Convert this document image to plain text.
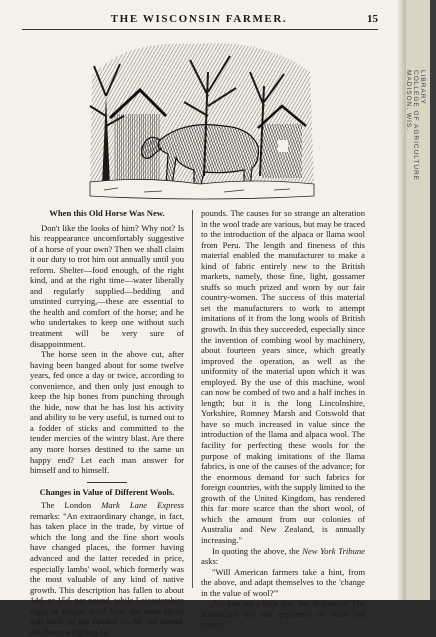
THE WISCONSIN FARMER.	15
When this Old Horse Was New.

Don't like the looks of him? Why not? Is his reappearance uncomfortably suggestive of a horse of your own? Then we shall claim it our duty to trot him out annually until you reform. Shelter—food enough, of the right kind, and at the right time—water liberally and regularly supplied—bedding and unstinted currying,—these are essential to the health and comfort of the horse; and he who undertakes to keep one without such treatment will be very sure of disappointment.

The horse seen in the above cut, after having been banged about for some twelve years, fed once a day or twice, according to convenience, and then only just enough to keep the hip bones from punching through the hide, now that he has lost his activity and ability to be very useful, is turned out to a fodder of sticks and committed to the tender mercies of the wintry blast. Are there any more horses destined to the same un happy end? Let each man answer for himself and to himself.

Changes in Value of Different Wools.

The London Mark Lane Express remarks: "An extraordinary change, in fact, has taken place in the trade, by virtue of which the long and the fine short wools have changed places, the former having advanced and the latter receded in price, especially lambs' wool, which formerly was the most valuable of any kind of native growth. This description has fallen to about 14d. or 15d. per pound, while Leicestershire teggs or hogget wool from the same sheep will fetch, or has fetched 2s. 6d. per pound, the fleece weighing 14

pounds. The causes for so strange an alteration in the wool trade are various, but may be traced to the introduction of the alpaca or llama wool from Peru. The length and fineness of this material enabled the manufacturer to make a kind of fabric entirely new to the British markets, namely, those fine, light, gossamer stuffs so much prized and worn by our fair country-women. The success of this material set the manufacturers to work to attempt imitations of it from the long wools of British growth. In this they succeeded, especially since the invention of combing wool by machinery, about fourteen years since, which greatly improved the operation, as well as the uniformity of the material upon which it was employed. By the use of this machine, wool can now be combed of two and a half inches in length; but it is the long Lincolnshire, Yorkshire, Romney Marsh and Cotswold that have so much increased in value since the introduction of the llama and alpaca wool. The facility for perfecting these wools for the purpose of making imitations of the llama fabrics, is one of the causes of the advance; for the enormous demand for such fabrics for foreign countries, with the supply limited to the growth of the United Kingdom, has rendered this far more scarce than the short wool, of which the amount from our colonies of Australia and New Zealand, is annually increasing."

In quoting the above, the New York Tribune asks:

"Will American farmers take a hint, from the above, and adapt themselves to the 'change in the value of wool?'"

Are you not a little fast, Mr. Robinson? The Americans are not exporters of wool but import-

LIBRARY
COLLEGE OF AGRICULTURE
MADISON, WIS.
